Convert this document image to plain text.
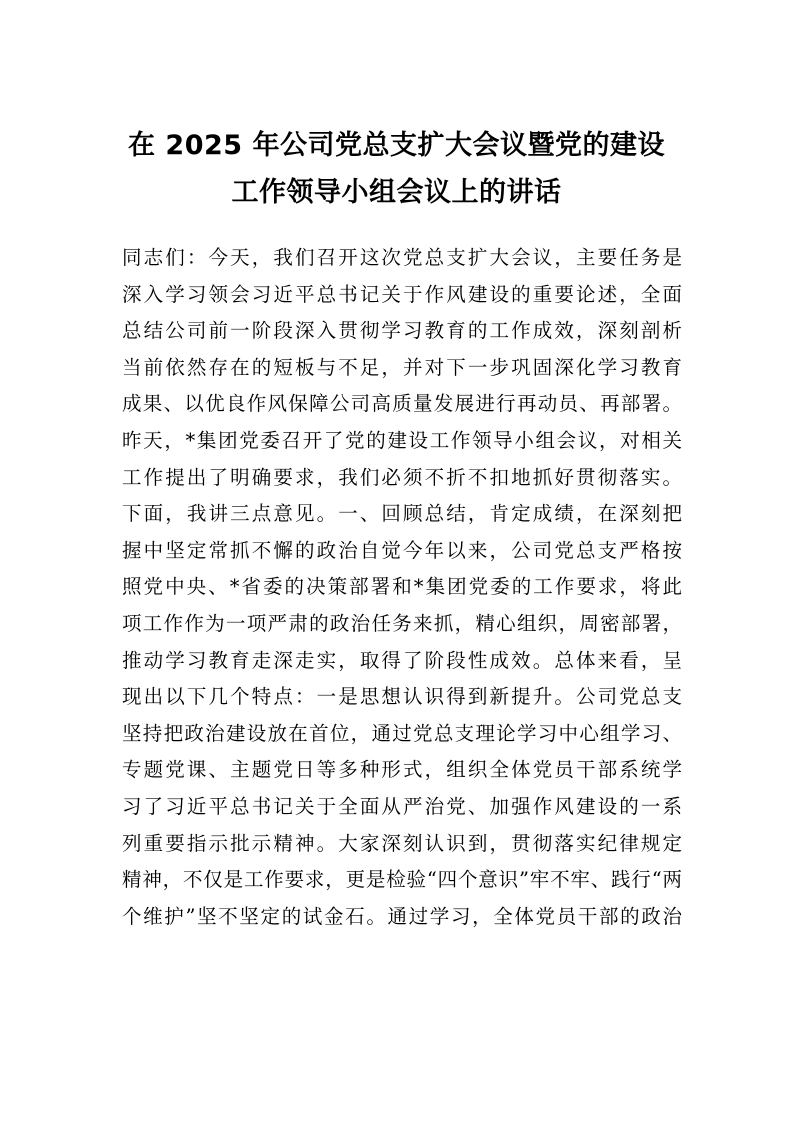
在 2025 年公司党总支扩大会议暨党的建设
工作领导小组会议上的讲话
同志们：今天，我们召开这次党总支扩大会议，主要任务是
深入学习领会习近平总书记关于作风建设的重要论述，全面
总结公司前一阶段深入贯彻学习教育的工作成效，深刻剖析
当前依然存在的短板与不足，并对下一步巩固深化学习教育
成果、以优良作风保障公司高质量发展进行再动员、再部署。
昨天，*集团党委召开了党的建设工作领导小组会议，对相关
工作提出了明确要求，我们必须不折不扣地抓好贯彻落实。
下面，我讲三点意见。一、回顾总结，肯定成绩，在深刻把
握中坚定常抓不懈的政治自觉今年以来，公司党总支严格按
照党中央、*省委的决策部署和*集团党委的工作要求，将此
项工作作为一项严肃的政治任务来抓，精心组织，周密部署，
推动学习教育走深走实，取得了阶段性成效。总体来看，呈
现出以下几个特点：一是思想认识得到新提升。公司党总支
坚持把政治建设放在首位，通过党总支理论学习中心组学习、
专题党课、主题党日等多种形式，组织全体党员干部系统学
习了习近平总书记关于全面从严治党、加强作风建设的一系
列重要指示批示精神。大家深刻认识到，贯彻落实纪律规定
精神，不仅是工作要求，更是检验“四个意识”牢不牢、践行“两
个维护”坚不坚定的试金石。通过学习，全体党员干部的政治
